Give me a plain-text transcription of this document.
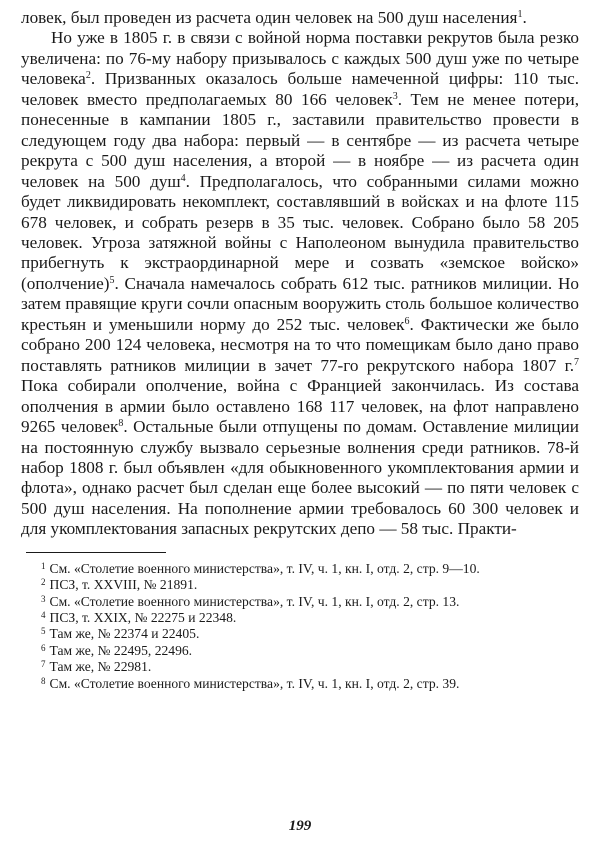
ловек, был проведен из расчета один человек на 500 душ населения$^1$.

Но уже в 1805 г. в связи с войной норма поставки рекрутов была резко увеличена: по 76-му набору призывалось с каждых 500 душ уже по четыре человека$^2$. Призванных оказалось больше намеченной цифры: 110 тыс. человек вместо предполагаемых 80 166 человек$^3$. Тем не менее потери, понесенные в кампании 1805 г., заставили правительство провести в следующем году два набора: первый — в сентябре — из расчета четыре рекрута с 500 душ населения, а второй — в ноябре — из расчета один человек на 500 душ$^4$. Предполагалось, что собранными силами можно будет ликвидировать некомплект, составлявший в войсках и на флоте 115 678 человек, и собрать резерв в 35 тыс. человек. Собрано было 58 205 человек. Угроза затяжной войны с Наполеоном вынудила правительство прибегнуть к экстраординарной мере и созвать «земское войско» (ополчение)$^5$. Сначала намечалось собрать 612 тыс. ратников милиции. Но затем правящие круги сочли опасным вооружить столь большое количество крестьян и уменьшили норму до 252 тыс. человек$^6$. Фактически же было собрано 200 124 человека, несмотря на то что помещикам было дано право поставлять ратников милиции в зачет 77-го рекрутского набора 1807 г.$^7$ Пока собирали ополчение, война с Францией закончилась. Из состава ополчения в армии было оставлено 168 117 человек, на флот направлено 9265 человек$^8$. Остальные были отпущены по домам. Оставление милиции на постоянную службу вызвало серьезные волнения среди ратников. 78-й набор 1808 г. был объявлен «для обыкновенного укомплектования армии и флота», однако расчет был сделан еще более высокий — по пяти человек с 500 душ населения. На пополнение армии требовалось 60 300 человек и для укомплектования запасных рекрутских депо — 58 тыс. Практи-

$^1$ См. «Столетие военного министерства», т. IV, ч. 1, кн. I, отд. 2, стр. 9—10.

$^2$ ПСЗ, т. XXVIII, № 21891.

$^3$ См. «Столетие военного министерства», т. IV, ч. 1, кн. I, отд. 2, стр. 13.

$^4$ ПСЗ, т. XXIX, № 22275 и 22348.

$^5$ Там же, № 22374 и 22405.

$^6$ Там же, № 22495, 22496.

$^7$ Там же, № 22981.

$^8$ См. «Столетие военного министерства», т. IV, ч. 1, кн. I, отд. 2, стр. 39.

199
